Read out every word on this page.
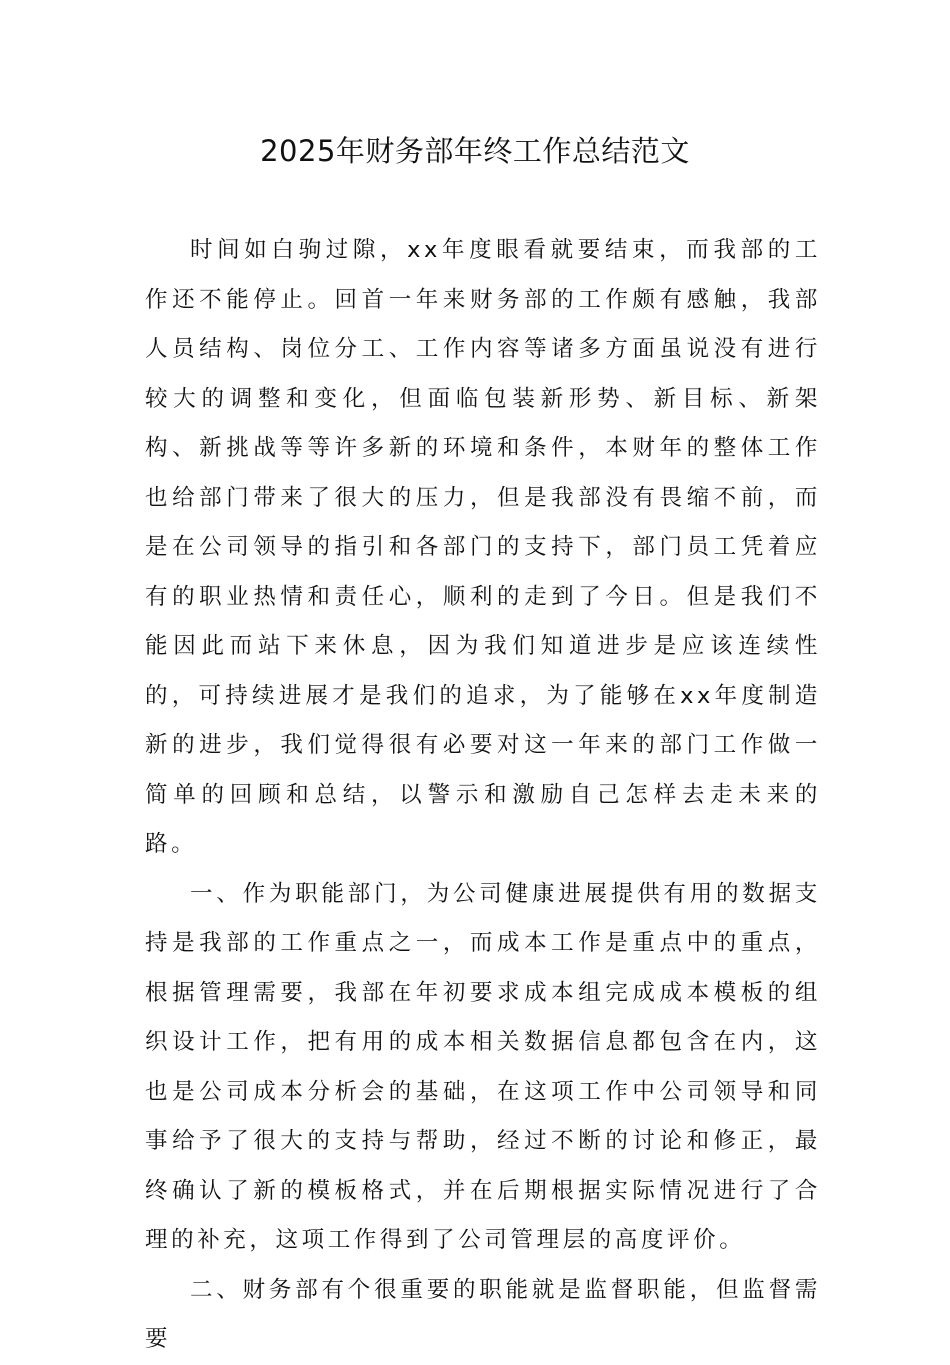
2025年财务部年终工作总结范文

时间如白驹过隙，xx年度眼看就要结束，而我部的工作还不能停止。回首一年来财务部的工作颇有感触，我部人员结构、岗位分工、工作内容等诸多方面虽说没有进行较大的调整和变化，但面临包装新形势、新目标、新架构、新挑战等等许多新的环境和条件，本财年的整体工作也给部门带来了很大的压力，但是我部没有畏缩不前，而是在公司领导的指引和各部门的支持下，部门员工凭着应有的职业热情和责任心，顺利的走到了今日。但是我们不能因此而站下来休息，因为我们知道进步是应该连续性的，可持续进展才是我们的追求，为了能够在xx年度制造新的进步，我们觉得很有必要对这一年来的部门工作做一简单的回顾和总结，以警示和激励自己怎样去走未来的路。

一、作为职能部门，为公司健康进展提供有用的数据支持是我部的工作重点之一，而成本工作是重点中的重点，根据管理需要，我部在年初要求成本组完成成本模板的组织设计工作，把有用的成本相关数据信息都包含在内，这也是公司成本分析会的基础，在这项工作中公司领导和同事给予了很大的支持与帮助，经过不断的讨论和修正，最终确认了新的模板格式，并在后期根据实际情况进行了合理的补充，这项工作得到了公司管理层的高度评价。

二、财务部有个很重要的职能就是监督职能，但监督需要
